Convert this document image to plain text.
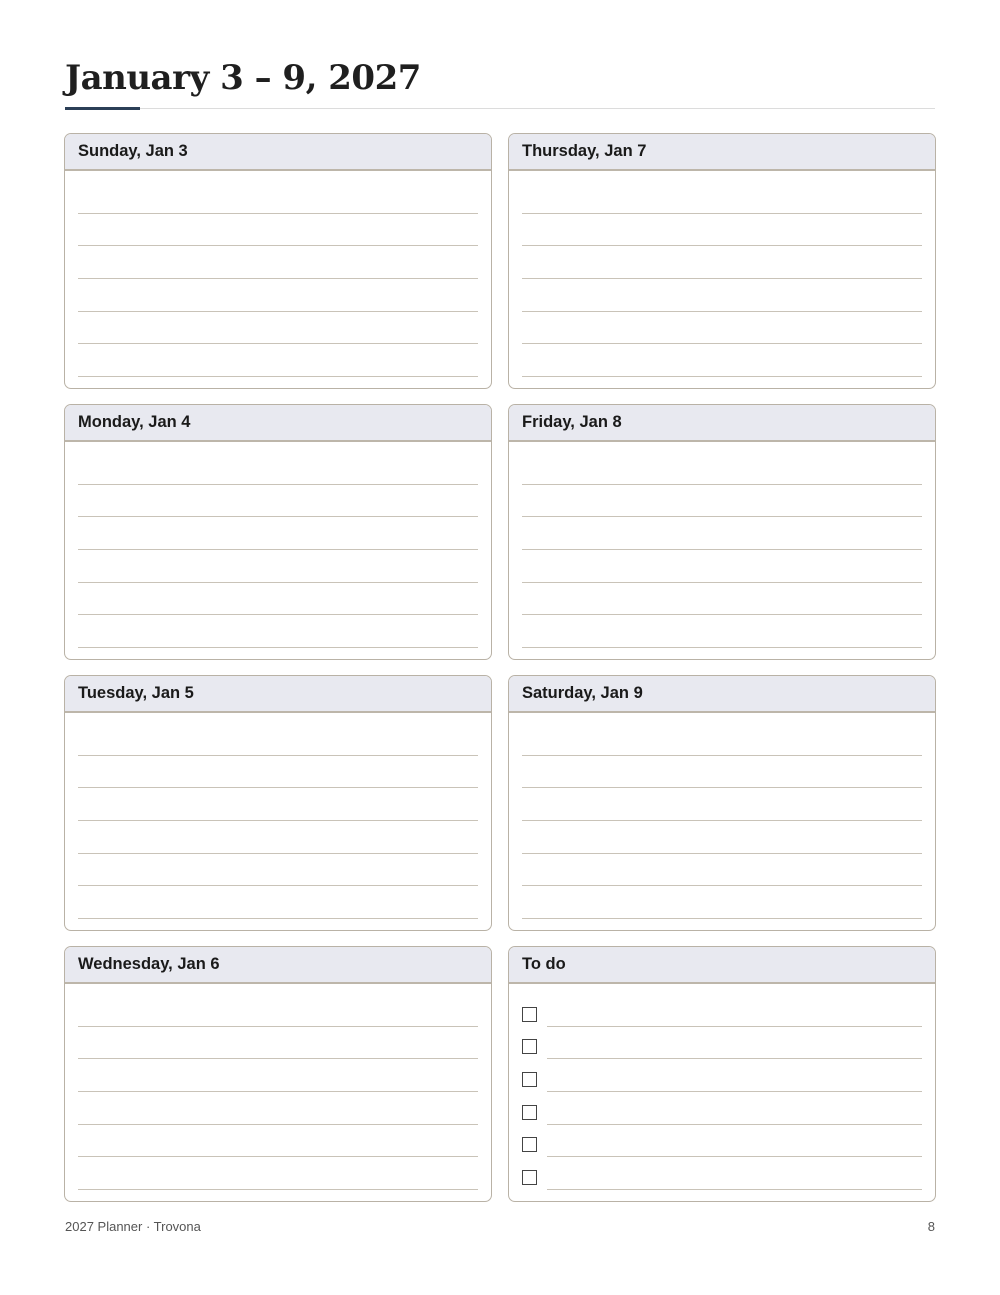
January 3 – 9, 2027
Sunday, Jan 3	Thursday, Jan 7
Monday, Jan 4	Friday, Jan 8
Tuesday, Jan 5	Saturday, Jan 9
Wednesday, Jan 6	To do
2027 Planner · Trovona	8
